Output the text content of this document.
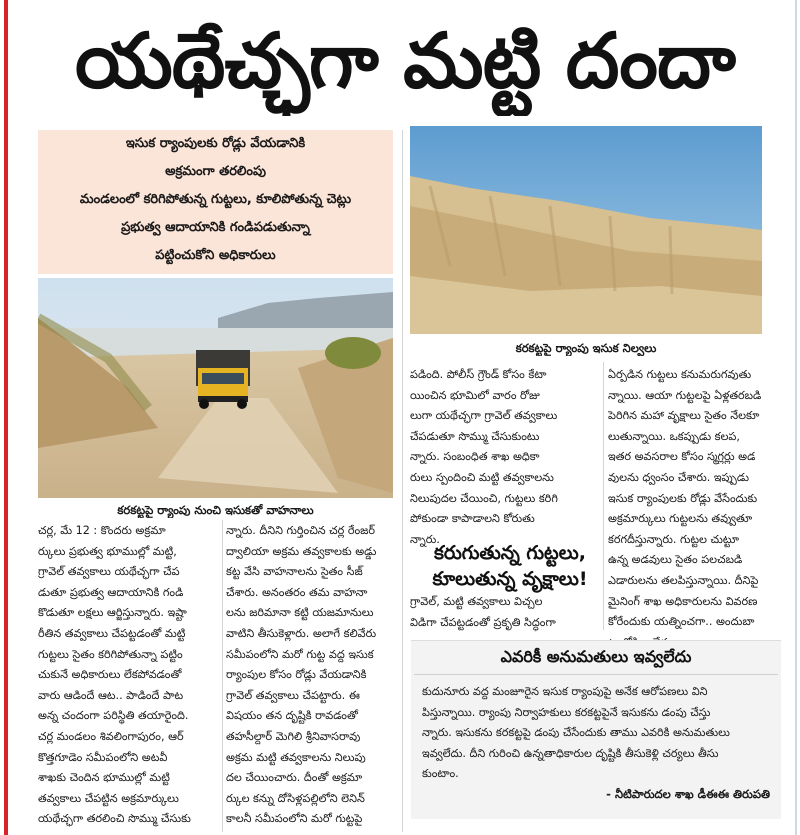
యథేచ్ఛగా మట్టి దందా
ఇసుక ర్యాంపులకు రోడ్లు వేయడానికి
అక్రమంగా తరలింపు
మండలంలో కరిగిపోతున్న గుట్టలు, కూలిపోతున్న చెట్లు
ప్రభుత్వ ఆదాయానికి గండిపడుతున్నా
పట్టించుకోని అధికారులు
కరకట్టపై ర్యాంపు నుంచి ఇసుకతో వాహనాలు
కరకట్టపై ర్యాంపు ఇసుక నిల్వలు
చర్ల, మే 12 : కొందరు అక్రమా
ర్కులు ప్రభుత్వ భూముల్లో మట్టి,
గ్రావెల్ తవ్వకాలు యథేచ్ఛగా చేప
డుతూ ప్రభుత్వ ఆదాయానికి గండి
కొడుతూ లక్షలు ఆర్జిస్తున్నారు. ఇష్టా
రీతిన తవ్వకాలు చేపట్టడంతో మట్టి
గుట్టలు సైతం కరిగిపోతున్నా పట్టిం
చుకునే అధికారులు లేకపోవడంతో
వారు ఆడిందే ఆట.. పాడిందే పాట
అన్న చందంగా పరిస్థితి తయారైంది.
చర్ల మండలం శివలింగాపురం, ఆర్
కొత్తగూడెం సమీపంలోని అటవీ
శాఖకు చెందిన భూముల్లో మట్టి
తవ్వకాలు చేపట్టిన అక్రమార్కులు
యథేచ్ఛగా తరలించి సొమ్ము చేసుకు
న్నారు. దీనిని గుర్తించిన చర్ల రేంజర్
ద్వాలియా అక్రమ తవ్వకాలకు అడ్డు
కట్ట వేసి వాహనాలను సైతం సీజ్
చేశారు. అనంతరం తమ వాహనా
లను జరిమానా కట్టి యజమానులు
వాటిని తీసుకెళ్లారు. అలాగే కలివేరు
సమీపంలోని మరో గుట్ట వద్ద ఇసుక
ర్యాంపుల కోసం రోడ్లు వేయడానికి
గ్రావెల్ తవ్వకాలు చేపట్టారు. ఈ
విషయం తన దృష్టికి రావడంతో
తహసీల్దార్ మెగిలి శ్రీనివాసరావు
అక్రమ మట్టి తవ్వకాలను నిలుపు
దల చేయించారు. దీంతో అక్రమా
ర్కుల కన్ను దోసిళ్లపల్లిలోని లెనిన్
కాలనీ సమీపంలోని మరో గుట్టపై
పడింది. పోలీస్ గ్రౌండ్ కోసం కేటా
యించిన భూమిలో వారం రోజు
లుగా యథేచ్ఛగా గ్రావెల్ తవ్వకాలు
చేపడుతూ సొమ్ము చేసుకుంటు
న్నారు. సంబంధిత శాఖ అధికా
రులు స్పందించి మట్టి తవ్వకాలను
నిలుపుదల చేయించి, గుట్టలు కరిగి
పోకుండా కాపాడాలని కోరుతు
న్నారు.
కరుగుతున్న గుట్టలు,
కూలుతున్న వృక్షాలు!
గ్రావెల్, మట్టి తవ్వకాలు విచ్చల
విడిగా చేపట్టడంతో ప్రకృతి సిద్ధంగా
ఏర్పడిన గుట్టలు కనుమరుగవుతు
న్నాయి. ఆయా గుట్టలపై ఏళ్లతరబడి
పెరిగిన మహా వృక్షాలు సైతం నేలకూ
లుతున్నాయి. ఒకప్పుడు కలప,
ఇతర అవసరాల కోసం స్మగ్లర్లు అడ
వులను ధ్వంసం చేశారు. ఇప్పుడు
ఇసుక ర్యాంపులకు రోడ్లు వేసేందుకు
అక్రమార్కులు గుట్టలను తవ్వుతూ
కరగదీస్తున్నారు. గుట్టల చుట్టూ
ఉన్న అడవులు సైతం పలచబడి
ఎడారులను తలపిస్తున్నాయి. దీనిపై
మైనింగ్ శాఖ అధికారులను వివరణ
కోరేందుకు యత్నించగా.. అందుబా
ఎవరికీ అనుమతులు ఇవ్వలేదు
కుదునూరు వద్ద మంజూరైన ఇసుక ర్యాంపుపై అనేక ఆరోపణలు విని
పిస్తున్నాయి. ర్యాంపు నిర్వాహకులు కరకట్టపైనే ఇసుకను డంపు చేస్తు
న్నారు. ఇసుకను కరకట్టపై డంపు చేసేందుకు తాము ఎవరికి అనుమతులు
ఇవ్వలేదు. దీని గురించి ఉన్నతాధికారుల దృష్టికి తీసుకెళ్లి చర్యలు తీసు
కుంటాం.
- నీటిపారుదల శాఖ డీఈఈ తిరుపతి
